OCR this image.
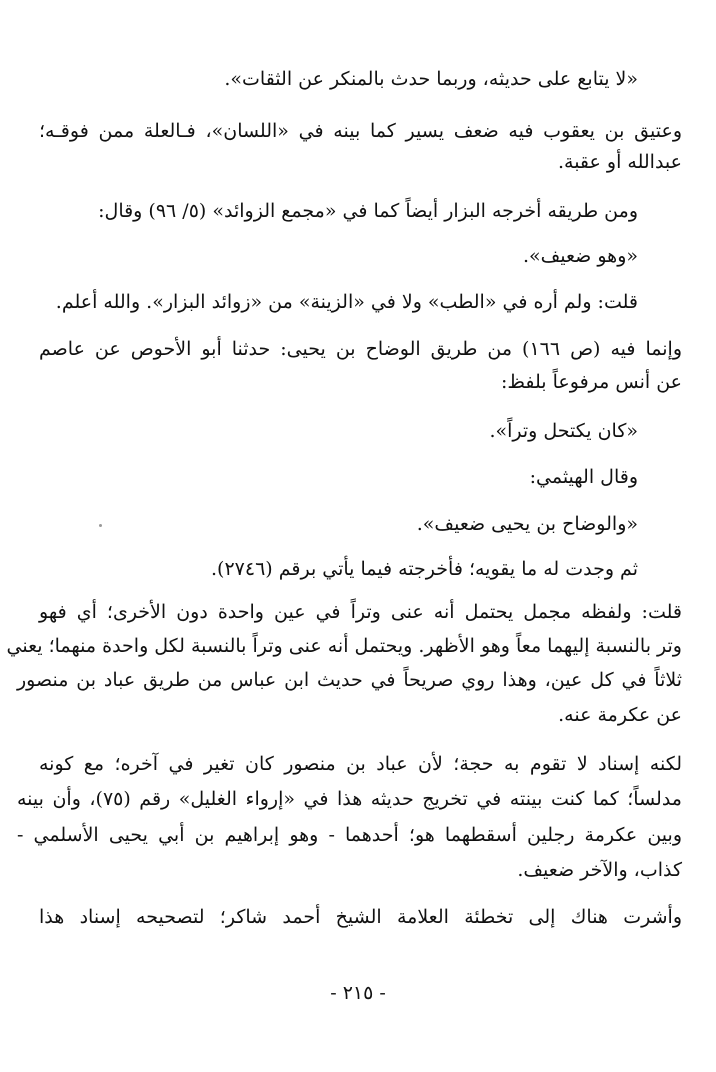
«لا يتابع على حديثه، وربما حدث بالمنكر عن الثقات».
وعتيق بن يعقوب فيه ضعف يسير كما بينه في «اللسان»، فـالعلة ممن فوقـه؛
عبدالله أو عقبة.
ومن طريقه أخرجه البزار أيضاً كما في «مجمع الزوائد» (٥/ ٩٦) وقال:
«وهو ضعيف».
قلت: ولم أره في «الطب» ولا في «الزينة» من «زوائد البزار». والله أعلم.
وإنما فيه (ص ١٦٦) من طريق الوضاح بن يحيى: حدثنا أبو الأحوص عن عاصم
عن أنس مرفوعاً بلفظ:
«كان يكتحل وتراً».
وقال الهيثمي:
«والوضاح بن يحيى ضعيف».
ثم وجدت له ما يقويه؛ فأخرجته فيما يأتي برقم (٢٧٤٦).
قلت: ولفظه مجمل يحتمل أنه عنى وتراً في عين واحدة دون الأخرى؛ أي فهو
وتر بالنسبة إليهما معاً وهو الأظهر. ويحتمل أنه عنى وتراً بالنسبة لكل واحدة منهما؛ يعني
ثلاثاً في كل عين، وهذا روي صريحاً في حديث ابن عباس من طريق عباد بن منصور
عن عكرمة عنه.
لكنه إسناد لا تقوم به حجة؛ لأن عباد بن منصور كان تغير في آخره؛ مع كونه
مدلساً؛ كما كنت بينته في تخريج حديثه هذا في «إرواء الغليل» رقم (٧٥)، وأن بينه
وبين عكرمة رجلين أسقطهما هو؛ أحدهما - وهو إبراهيم بن أبي يحيى الأسلمي -
كذاب، والآخر ضعيف.
وأشرت هناك إلى تخطئة العلامة الشيخ أحمد شاكر؛ لتصحيحه إسناد هذا
- ٢١٥ -
